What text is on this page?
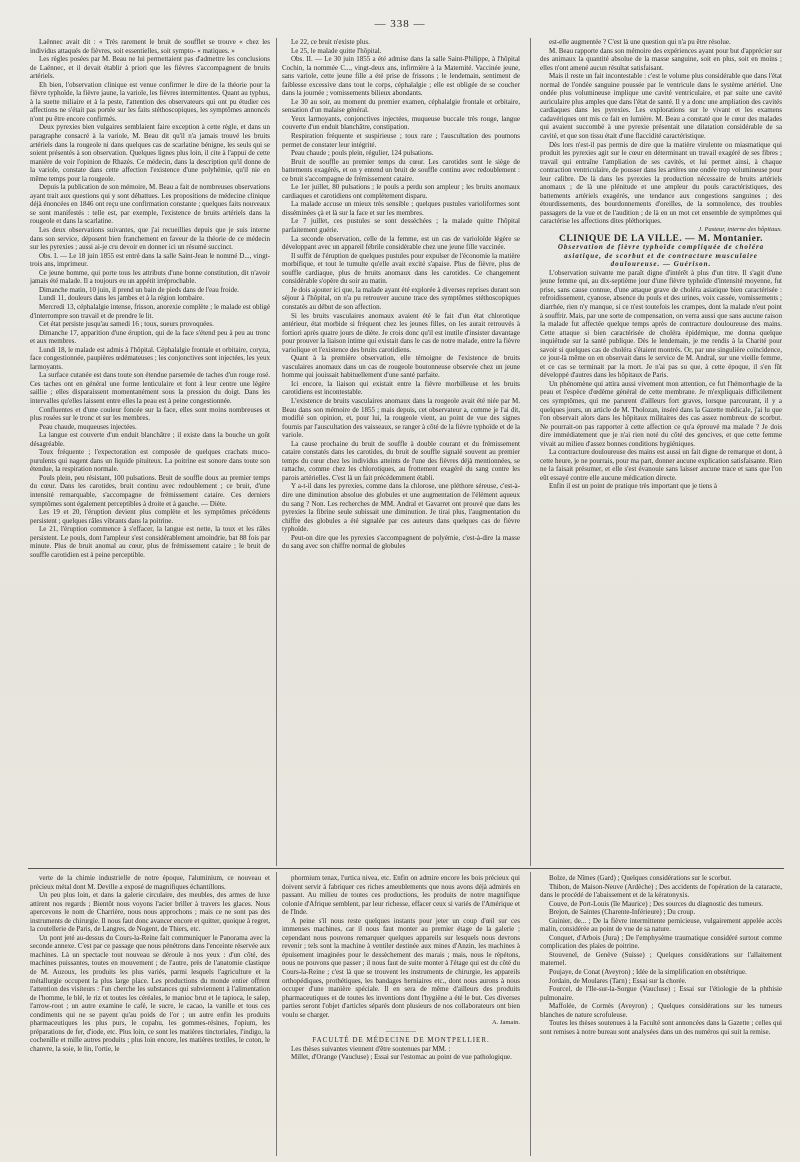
— 338 —

Laënnec avait dit : « Très rarement le bruit de soufflet se trouve « chez les individus attaqués de fièvres, soit essentielles, soit sympto- « matiques. »

Les règles posées par M. Beau ne lui permettaient pas d'admettre les conclusions de Laënnec, et il devait établir à priori que les fièvres s'accompagnent de bruits artériels.

Eh bien, l'observation clinique est venue confirmer le dire de la théorie pour la fièvre typhoïde, la fièvre jaune, la variole, les fièvres intermittentes. Quant au typhus, à la suette miliaire et à la peste, l'attention des observateurs qui ont pu étudier ces affections ne s'était pas portée sur les faits stéthoscopiques, les symptômes annoncés n'ont pu être encore confirmés.

Deux pyrexies bien vulgaires semblaient faire exception à cette règle, et dans un paragraphe consacré à la variole, M. Beau dit qu'il n'a jamais trouvé les bruits artériels dans la rougeole ni dans quelques cas de scarlatine bénigne, les seuls qui se soient présentés à son observation. Quelques lignes plus loin, il cite à l'appui de cette manière de voir l'opinion de Rhazès. Ce médecin, dans la description qu'il donne de la variole, constate dans cette affection l'existence d'une polyhémie, qu'il nie en même temps pour la rougeole.

Depuis la publication de son mémoire, M. Beau a fait de nombreuses observations ayant trait aux questions qui y sont débattues. Les propositions de médecine clinique déjà énoncées en 1846 ont reçu une confirmation constante ; quelques faits nouveaux se sont manifestés : telle est, par exemple, l'existence de bruits artériels dans la rougeole et dans la scarlatine.

Les deux observations suivantes, que j'ai recueillies depuis que je suis interne dans son service, déposent bien franchement en faveur de la théorie de ce médecin sur les pyrexies ; aussi ai-je cru devoir en donner ici un résumé succinct.

Obs. I. — Le 18 juin 1855 est entré dans la salle Saint-Jean le nommé D..., vingt-trois ans, imprimeur.

Ce jeune homme, qui porte tous les attributs d'une bonne constitution, dit n'avoir jamais été malade. Il a toujours eu un appétit irréprochable.

Dimanche matin, 10 juin, il prend un bain de pieds dans de l'eau froide.

Lundi 11, douleurs dans les jambes et à la région lombaire.

Mercredi 13, céphalalgie intense, frisson, anorexie complète ; le malade est obligé d'interrompre son travail et de prendre le lit.

Cet état persiste jusqu'au samedi 16 ; toux, sueurs provoquées.

Dimanche 17, apparition d'une éruption, qui de la face s'étend peu à peu au tronc et aux membres.

Lundi 18, le malade est admis à l'hôpital. Céphalalgie frontale et orbitaire, coryza, face congestionnée, paupières œdémateuses ; les conjonctives sont injectées, les yeux larmoyants.

La surface cutanée est dans toute son étendue parsemée de taches d'un rouge rosé. Ces taches ont en général une forme lenticulaire et font à leur centre une légère saillie ; elles disparaissent momentanément sous la pression du doigt. Dans les intervalles qu'elles laissent entre elles la peau est à peine congestionnée.

Confluentes et d'une couleur foncée sur la face, elles sont moins nombreuses et plus rosées sur le tronc et sur les membres.

Peau chaude, muqueuses injectées.

La langue est couverte d'un enduit blanchâtre ; il existe dans la bouche un goût désagréable.

Toux fréquente ; l'expectoration est composée de quelques crachats muco-purulents qui nagent dans un liquide pituiteux. La poitrine est sonore dans toute son étendue, la respiration normale.

Pouls plein, peu résistant, 100 pulsations. Bruit de souffle doux au premier temps du cœur. Dans les carotides, bruit continu avec redoublement ; ce bruit, d'une intensité remarquable, s'accompagne de frémissement cataire. Ces derniers symptômes sont également perceptibles à droite et à gauche. — Diète.

Les 19 et 20, l'éruption devient plus complète et les symptômes précédents persistent ; quelques râles vibrants dans la poitrine.

Le 21, l'éruption commence à s'effacer, la langue est nette, la toux et les râles persistent. Le pouls, dont l'ampleur s'est considérablement amoindrie, bat 88 fois par minute. Plus de bruit anomal au cœur, plus de frémissement cataire ; le bruit de souffle carotidien est à peine perceptible.

Le 22, ce bruit n'existe plus.

Le 25, le malade quitte l'hôpital.

Obs. II. — Le 30 juin 1855 a été admise dans la salle Saint-Philippe, à l'hôpital Cochin, la nommée C..., vingt-deux ans, infirmière à la Maternité. Vaccinée jeune, sans variole, cette jeune fille a été prise de frissons ; le lendemain, sentiment de faiblesse excessive dans tout le corps, céphalalgie ; elle est obligée de se coucher dans la journée ; vomissements bilieux abondants.

Le 30 au soir, au moment du premier examen, céphalalgie frontale et orbitaire, sensation d'un malaise général.

Yeux larmoyants, conjonctives injectées, muqueuse buccale très rouge, langue couverte d'un enduit blanchâtre, constipation.

Respiration fréquente et suspirieuse ; toux rare ; l'auscultation des poumons permet de constater leur intégrité.

Peau chaude ; pouls plein, régulier, 124 pulsations.

Bruit de souffle au premier temps du cœur. Les carotides sont le siège de battements exagérés, et on y entend un bruit de souffle continu avec redoublement : ce bruit s'accompagne de frémissement cataire.

Le 1er juillet, 80 pulsations ; le pouls a perdu son ampleur ; les bruits anomaux cardiaques et carotidiens ont complètement disparu.

La malade accuse un mieux très sensible ; quelques pustules varioliformes sont disséminées çà et là sur la face et sur les membres.

Le 7 juillet, ces pustules se sont desséchées ; la malade quitte l'hôpital parfaitement guérie.

La seconde observation, celle de la femme, est un cas de varioloïde légère se développant avec un appareil fébrile considérable chez une jeune fille vaccinée.

Il suffit de l'éruption de quelques pustules pour expulser de l'économie la matière morbifique, et tout le tumulte qu'elle avait excité s'apaise. Plus de fièvre, plus de souffle cardiaque, plus de bruits anomaux dans les carotides. Ce changement considérable s'opère du soir au matin.

Je dois ajouter ici que, la malade ayant été explorée à diverses reprises durant son séjour à l'hôpital, on n'a pu retrouver aucune trace des symptômes stéthoscopiques constatés au début de son affection.

Si les bruits vasculaires anomaux avaient été le fait d'un état chlorotique antérieur, état morbide si fréquent chez les jeunes filles, on les aurait retrouvés à fortiori après quatre jours de diète. Je crois donc qu'il est inutile d'insister davantage pour prouver la liaison intime qui existait dans le cas de notre malade, entre la fièvre variolique et l'existence des bruits carotidiens.

Quant à la première observation, elle témoigne de l'existence de bruits vasculaires anomaux dans un cas de rougeole boutonneuse observée chez un jeune homme qui jouissait habituellement d'une santé parfaite.

Ici encore, la liaison qui existait entre la fièvre morbilleuse et les bruits carotidiens est incontestable.

L'existence de bruits vasculaires anomaux dans la rougeole avait été niée par M. Beau dans son mémoire de 1855 ; mais depuis, cet observateur a, comme je l'ai dit, modifié son opinion, et, pour lui, la rougeole vient, au point de vue des signes fournis par l'auscultation des vaisseaux, se ranger à côté de la fièvre typhoïde et de la variole.

La cause prochaine du bruit de souffle à double courant et du frémissement cataire constatés dans les carotides, du bruit de souffle signalé souvent au premier temps du cœur chez les individus atteints de l'une des fièvres déjà mentionnées, se rattache, comme chez les chlorotiques, au frottement exagéré du sang contre les parois artérielles. C'est là un fait précédemment établi.

Y a-t-il dans les pyrexies, comme dans la chlorose, une pléthore séreuse, c'est-à-dire une diminution absolue des globules et une augmentation de l'élément aqueux du sang ? Non. Les recherches de MM. Andral et Gavarret ont prouvé que dans les pyrexies la fibrine seule subissait une diminution. Je tirai plus, l'augmentation du chiffre des globules a été signalée par ces auteurs dans quelques cas de fièvre typhoïde.

Peut-on dire que les pyrexies s'accompagnent de polyémie, c'est-à-dire la masse du sang avec son chiffre normal de globules

est-elle augmentée ? C'est là une question qui n'a pu être résolue.

M. Beau rapporte dans son mémoire des expériences ayant pour but d'apprécier sur des animaux la quantité absolue de la masse sanguine, soit en plus, soit en moins ; elles n'ont amené aucun résultat satisfaisant.

Mais il reste un fait incontestable : c'est le volume plus considérable que dans l'état normal de l'ondée sanguine poussée par le ventricule dans le système artériel. Une ondée plus volumineuse implique une cavité ventriculaire, et par suite une cavité auriculaire plus amples que dans l'état de santé. Il y a donc une ampliation des cavités cardiaques dans les pyrexies. Les explorations sur le vivant et les examens cadavériques ont mis ce fait en lumière. M. Beau a constaté que le cœur des malades qui avaient succombé à une pyrexie présentait une dilatation considérable de sa cavité, et que son tissu était d'une flaccidité caractéristique.

Dès lors n'est-il pas permis de dire que la matière virulente ou miasmatique qui produit les pyrexies agit sur le cœur en déterminant un travail exagéré de ses fibres ; travail qui entraîne l'ampliation de ses cavités, et lui permet ainsi, à chaque contraction ventriculaire, de pousser dans les artères une ondée trop volumineuse pour leur calibre. De là dans les pyrexies la production nécessaire de bruits artériels anomaux ; de là une plénitude et une ampleur du pouls caractéristiques, des battements artériels exagérés, une tendance aux congestions sanguines ; des étourdissements, des bourdonnements d'oreilles, de la somnolence, des troubles passagers de la vue et de l'audition ; de là en un mot cet ensemble de symptômes qui caractérise les affections dites pléthoriques.

J. Pasteur, interne des hôpitaux.

CLINIQUE DE LA VILLE. — M. Montanier.

Observation de fièvre typhoïde compliquée de choléra asiatique, de scorbut et de contracture musculaire douloureuse. — Guérison.

L'observation suivante me paraît digne d'intérêt à plus d'un titre. Il s'agit d'une jeune femme qui, au dix-septième jour d'une fièvre typhoïde d'intensité moyenne, fut prise, sans cause connue, d'une attaque grave de choléra asiatique bien caractérisée : refroidissement, cyanose, absence du pouls et des urines, voix cassée, vomissements ; diarrhée, rien n'y manque, si ce n'est toutefois les crampes, dont la malade n'eut point à souffrir. Mais, par une sorte de compensation, on verra aussi que sans aucune raison la malade fut affectée quelque temps après de contracture douloureuse des mains. Cette attaque si bien caractérisée de choléra épidémique, me donna quelque inquiétude sur la santé publique. Dès le lendemain, je me rendis à la Charité pour savoir si quelques cas de choléra s'étaient montrés. Or, par une singulière coïncidence, ce jour-là même on en observait dans le service de M. Andral, sur une vieille femme, et ce cas se terminait par la mort. Je n'ai pas su que, à cette époque, il s'en fût développé d'autres dans les hôpitaux de Paris.

Un phénomène qui attira aussi vivement mon attention, ce fut l'hémorrhagie de la peau et l'espèce d'œdème général de cette membrane. Je m'expliquais difficilement ces symptômes, qui me parurent d'ailleurs fort graves, lorsque parcourant, il y a quelques jours, un article de M. Tholozan, inséré dans la Gazette médicale, j'ai lu que l'on observait alors dans les hôpitaux militaires des cas assez nombreux de scorbut. Ne pourrait-on pas rapporter à cette affection ce qu'a éprouvé ma malade ? Je dois dire immédiatement que je n'ai rien noté du côté des gencives, et que cette femme vivait au milieu d'assez bonnes conditions hygiéniques.

La contracture douloureuse des mains est aussi un fait digne de remarque et dont, à cette heure, je ne pourrais, pour ma part, donner aucune explication satisfaisante. Rien ne la faisait présumer, et elle s'est évanouie sans laisser aucune trace et sans que l'on eût essayé contre elle aucune médication directe.

Enfin il est un point de pratique très important que je tiens à

verte de la chimie industrielle de notre époque, l'aluminium, ce nouveau et précieux métal dont M. Deville a exposé de magnifiques échantillons.

Un peu plus loin, et dans la galerie circulaire, des meubles, des armes de luxe attirent nos regards ; Bientôt nous voyons l'acier briller à travers les glaces. Nous apercevons le nom de Charrière, nous nous approchons ; mais ce ne sont pas des instruments de chirurgie. Il nous faut donc avancer encore et quitter, quoique à regret, la coutellerie de Paris, de Langres, de Nogent, de Thiers, etc.

Un pont jeté au-dessus du Cours-la-Reine fait communiquer le Panorama avec la seconde annexe. C'est par ce passage que nous pénétrons dans l'enceinte réservée aux machines. Là un spectacle tout nouveau se déroule à nos yeux : d'un côté, des machines puissantes, toutes en mouvement ; de l'autre, près de l'anatomie clastique de M. Auzoux, les produits les plus variés, parmi lesquels l'agriculture et la métallurgie occupent la plus large place. Les productions du monde entier offrent l'attention des visiteurs : l'un cherche les substances qui subviennent à l'alimentation de l'homme, le blé, le riz et toutes les céréales, le manioc brut et le tapioca, le salep, l'arrow-root ; un autre examine le café, le sucre, le cacao, la vanille et tous ces condiments qui ne se payent qu'au poids de l'or ; un autre enfin les produits pharmaceutiques les plus purs, le copahu, les gommes-résines, l'opium, les préparations de fer, d'iode, etc. Plus loin, ce sont les matières tinctoriales, l'indigo, la cochenille et mille autres produits ; plus loin encore, les matières textiles, le coton, le chanvre, la soie, le lin, l'ortie, le

phormium tenax, l'urtica nivea, etc. Enfin on admire encore les bois précieux qui doivent servir à fabriquer ces riches ameublements que nous avons déjà admirés en passant. Au milieu de toutes ces productions, les produits de notre magnifique colonie d'Afrique semblent, par leur richesse, effacer ceux si variés de l'Amérique et de l'Inde.

A peine s'il nous reste quelques instants pour jeter un coup d'œil sur ces immenses machines, car il nous faut monter au premier étage de la galerie ; cependant nous pouvons remarquer quelques appareils sur lesquels nous devrons revenir ; tels sont la machine à ventiler destinée aux mines d'Anzin, les machines à épuisement imaginées pour le dessèchement des marais ; mais, nous le répétons, nous ne pouvons que passer ; il nous faut de suite monter à l'étage qui est du côté du Cours-la-Reine ; c'est là que se trouvent les instruments de chirurgie, les appareils orthopédiques, prothétiques, les bandages herniaires etc., dont nous aurons à nous occuper d'une manière spéciale. Il en sera de même d'ailleurs des produits pharmaceutiques et de toutes les inventions dont l'hygiène a été le but. Ces diverses parties seront l'objet d'articles séparés dont plusieurs de nos collaborateurs ont bien voulu se charger.

A. Jamain.

—————

FACULTÉ DE MÉDECINE DE MONTPELLIER.

Les thèses suivantes viennent d'être soutenues par MM. :

Millet, d'Orange (Vaucluse) ; Essai sur l'estomac au point de vue pathologique.

Bolze, de Nîmes (Gard) ; Quelques considérations sur le scorbut.

Thibon, de Maison-Neuve (Ardèche) ; Des accidents de l'opération de la cataracte, dans le procédé de l'abaissement et de la kératonyxis.

Couve, de Port-Louis (île Maurice) ; Des sources du diagnostic des tumeurs.

Brejon, de Saintes (Charente-Inférieure) ; Du croup.

Guinier, de... ; De la fièvre intermittente pernicieuse, vulgairement appelée accès malin, considérée au point de vue de sa nature.

Conquet, d'Arbois (Jura) ; De l'emphysème traumatique considéré surtout comme complication des plaies de poitrine.

Stouvenel, de Genève (Suisse) ; Quelques considérations sur l'allaitement maternel.

Poujaye, de Conat (Aveyron) ; Idée de la simplification en obstétrique.

Jordain, de Moulares (Tarn) ; Essai sur la chorée.

Fourcel, de l'Ile-sur-la-Sorgue (Vaucluse) ; Essai sur l'étiologie de la phthisie pulmonaire.

Maffolée, de Cormès (Aveyron) ; Quelques considérations sur les tumeurs blanches de nature scrofuleuse.

Toutes les thèses soutenues à la Faculté sont annoncées dans la Gazette ; celles qui sont remises à notre bureau sont analysées dans un des numéros qui suit la remise.
